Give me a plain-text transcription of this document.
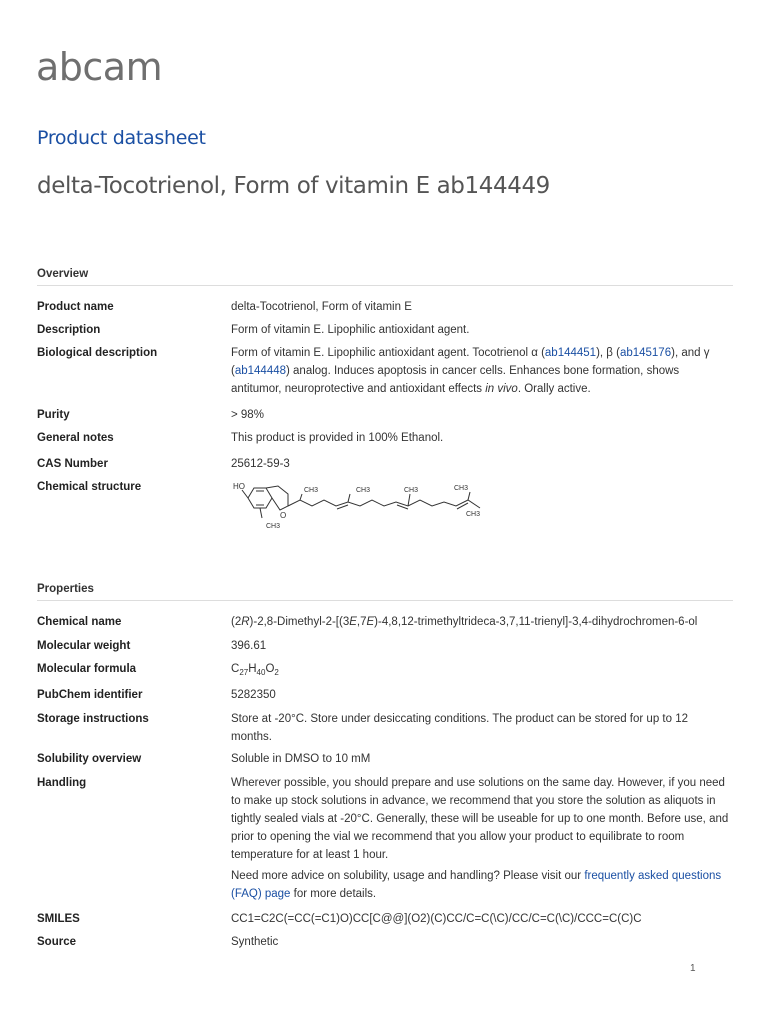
abcam
Product datasheet
delta-Tocotrienol, Form of vitamin E ab144449
Overview
Product name	delta-Tocotrienol, Form of vitamin E
Description	Form of vitamin E. Lipophilic antioxidant agent.
Biological description	Form of vitamin E. Lipophilic antioxidant agent. Tocotrienol α (ab144451), β (ab145176), and γ
(ab144448) analog. Induces apoptosis in cancer cells. Enhances bone formation, shows
antitumor, neuroprotective and antioxidant effects in vivo. Orally active.
Purity	> 98%
General notes	This product is provided in 100% Ethanol.
CAS Number	25612-59-3
Chemical structure	HO
O
CH3	CH3	CH3	CH3
CH3
CH3
Properties
Chemical name	(2R)-2,8-Dimethyl-2-[(3E,7E)-4,8,12-trimethyltrideca-3,7,11-trienyl]-3,4-dihydrochromen-6-ol
Molecular weight	396.61
Molecular formula	$C_{27}H_{40}O_2$
PubChem identifier	5282350
Storage instructions	Store at -20°C. Store under desiccating conditions. The product can be stored for up to 12
months.
Solubility overview	Soluble in DMSO to 10 mM
Handling	Wherever possible, you should prepare and use solutions on the same day. However, if you need
to make up stock solutions in advance, we recommend that you store the solution as aliquots in
tightly sealed vials at -20°C. Generally, these will be useable for up to one month. Before use, and
prior to opening the vial we recommend that you allow your product to equilibrate to room
temperature for at least 1 hour.
Need more advice on solubility, usage and handling? Please visit our frequently asked questions
(FAQ) page for more details.
SMILES	CC1=C2C(=CC(=C1)O)CC[C@@](O2)(C)CC/C=C(\C)/CC/C=C(\C)/CCC=C(C)C
Source	Synthetic
1
